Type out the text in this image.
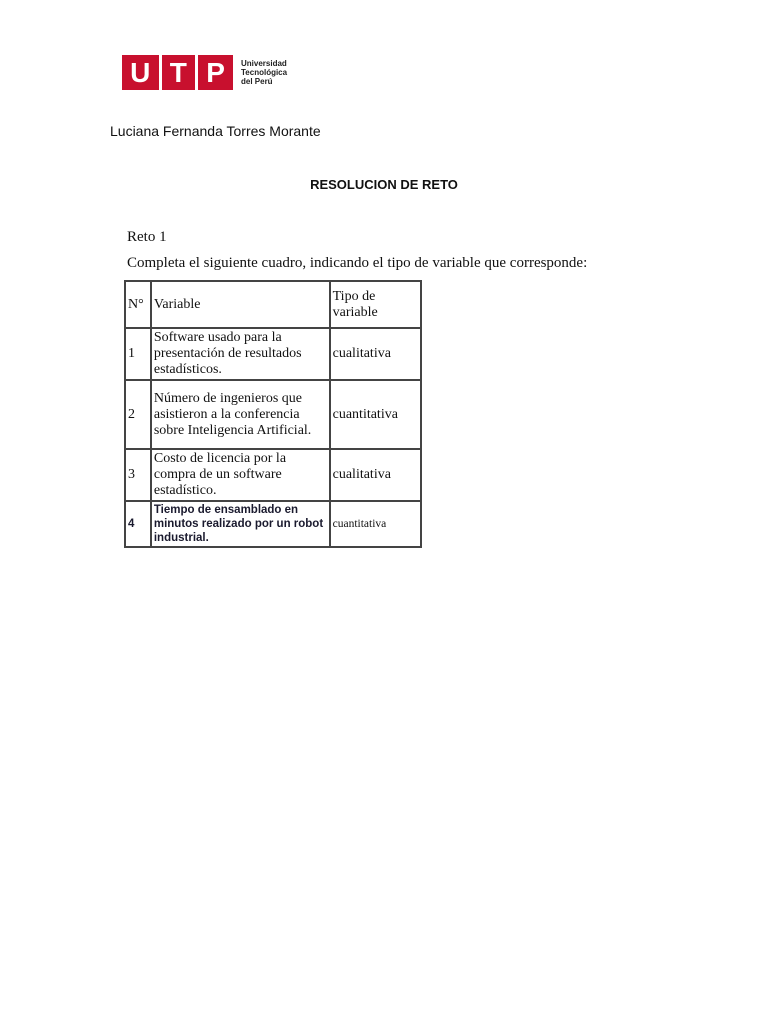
U T P Universidad
Tecnológica
del Perú
Luciana Fernanda Torres Morante
RESOLUCION DE RETO
Reto 1
Completa el siguiente cuadro, indicando el tipo de variable que corresponde:
N°	Variable	Tipo de variable
1	Software usado para la presentación de resultados estadísticos.	cualitativa
2	Número de ingenieros que asistieron a la conferencia sobre Inteligencia Artificial.	cuantitativa
3	Costo de licencia por la compra de un software estadístico.	cualitativa
4	Tiempo de ensamblado en minutos realizado por un robot industrial.	cuantitativa
